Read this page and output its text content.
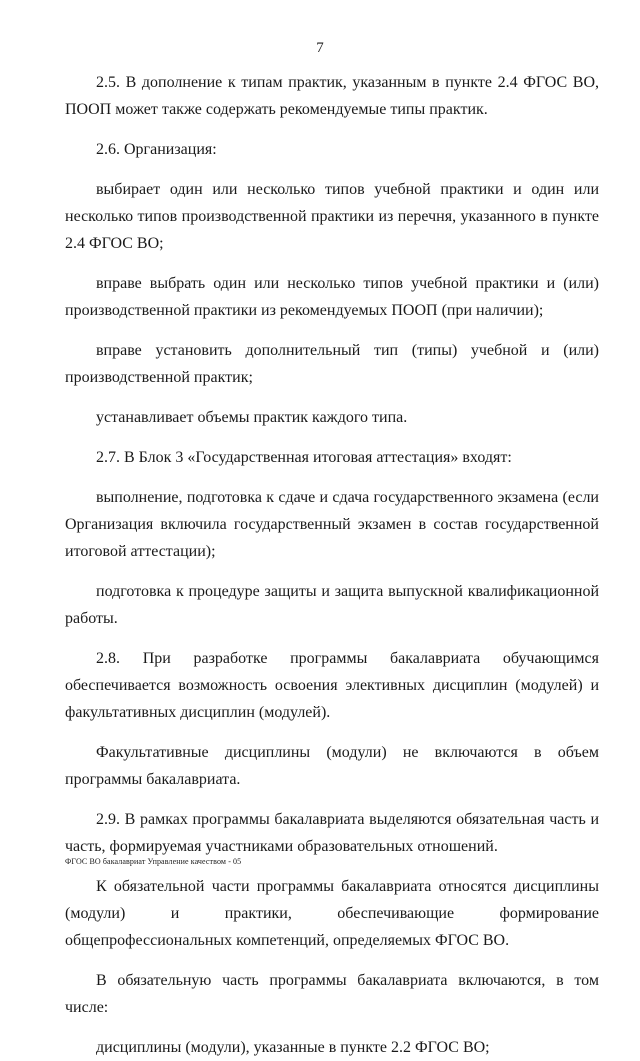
7

2.5. В дополнение к типам практик, указанным в пункте 2.4 ФГОС ВО, ПООП может также содержать рекомендуемые типы практик.

2.6. Организация:

выбирает один или несколько типов учебной практики и один или несколько типов производственной практики из перечня, указанного в пункте 2.4 ФГОС ВО;

вправе выбрать один или несколько типов учебной практики и (или) производственной практики из рекомендуемых ПООП (при наличии);

вправе установить дополнительный тип (типы) учебной и (или) производственной практик;

устанавливает объемы практик каждого типа.

2.7. В Блок 3 «Государственная итоговая аттестация» входят:

выполнение, подготовка к сдаче и сдача государственного экзамена (если Организация включила государственный экзамен в состав государственной итоговой аттестации);

подготовка к процедуре защиты и защита выпускной квалификационной работы.

2.8. При разработке программы бакалавриата обучающимся обеспечивается возможность освоения элективных дисциплин (модулей) и факультативных дисциплин (модулей).

Факультативные дисциплины (модули) не включаются в объем программы бакалавриата.

2.9. В рамках программы бакалавриата выделяются обязательная часть и часть, формируемая участниками образовательных отношений.

К обязательной части программы бакалавриата относятся дисциплины (модули) и практики, обеспечивающие формирование общепрофессиональных компетенций, определяемых ФГОС ВО.

В обязательную часть программы бакалавриата включаются, в том числе:

дисциплины (модули), указанные в пункте 2.2 ФГОС ВО;

ФГОС ВО бакалавриат Управление качеством - 05
